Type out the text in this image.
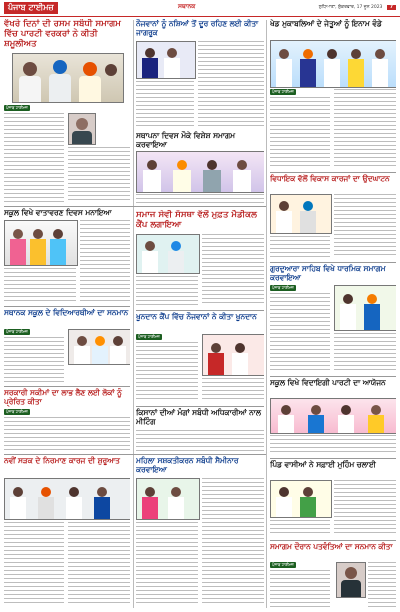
ਪੰਜਾਬ ਟਾਈਮਜ਼	ਸਥਾਨਕ	ਲੁਧਿਆਣਾ, ਸ਼ੁੱਕਰਵਾਰ, 17 ਜੂਨ 2023 7
ਵੱਖਰੇ ਦਿਨਾਂ ਦੀ ਰਸਮ ਸਬੰਧੀ ਸਮਾਗਮ ਵਿੱਚ ਪਾਰਟੀ ਵਰਕਰਾਂ ਨੇ ਕੀਤੀ ਸ਼ਮੂਲੀਅਤ
ਪੰਜਾਬ ਟਾਈਮਜ਼
ਸਕੂਲ ਵਿਖੇ ਵਾਤਾਵਰਣ ਦਿਵਸ ਮਨਾਇਆ
ਸਥਾਨਕ ਸਕੂਲ ਦੇ ਵਿਦਿਆਰਥੀਆਂ ਦਾ ਸਨਮਾਨ
ਪੰਜਾਬ ਟਾਈਮਜ਼
ਸਰਕਾਰੀ ਸਕੀਮਾਂ ਦਾ ਲਾਭ ਲੈਣ ਲਈ ਲੋਕਾਂ ਨੂੰ ਪ੍ਰੇਰਿਤ ਕੀਤਾ
ਪੰਜਾਬ ਟਾਈਮਜ਼
ਨੌਜਵਾਨਾਂ ਨੂੰ ਨਸ਼ਿਆਂ ਤੋਂ ਦੂਰ ਰਹਿਣ ਲਈ ਕੀਤਾ ਜਾਗਰੂਕ
ਸਥਾਪਨਾ ਦਿਵਸ ਮੌਕੇ ਵਿਸ਼ੇਸ਼ ਸਮਾਗਮ ਕਰਵਾਇਆ
ਸਮਾਜ ਸੇਵੀ ਸੰਸਥਾ ਵੱਲੋਂ ਮੁਫ਼ਤ ਮੈਡੀਕਲ ਕੈਂਪ ਲਗਾਇਆ
ਖੂਨਦਾਨ ਕੈਂਪ ਵਿੱਚ ਨੌਜਵਾਨਾਂ ਨੇ ਕੀਤਾ ਖੂਨਦਾਨ
ਪੰਜਾਬ ਟਾਈਮਜ਼
ਕਿਸਾਨਾਂ ਦੀਆਂ ਮੰਗਾਂ ਸਬੰਧੀ ਅਧਿਕਾਰੀਆਂ ਨਾਲ ਮੀਟਿੰਗ
ਖੇਡ ਮੁਕਾਬਲਿਆਂ ਦੇ ਜੇਤੂਆਂ ਨੂੰ ਇਨਾਮ ਵੰਡੇ
ਪੰਜਾਬ ਟਾਈਮਜ਼
ਵਿਧਾਇਕ ਵੱਲੋਂ ਵਿਕਾਸ ਕਾਰਜਾਂ ਦਾ ਉਦਘਾਟਨ
ਗੁਰਦੁਆਰਾ ਸਾਹਿਬ ਵਿਖੇ ਧਾਰਮਿਕ ਸਮਾਗਮ ਕਰਵਾਇਆ
ਪੰਜਾਬ ਟਾਈਮਜ਼
ਸਕੂਲ ਵਿਖੇ ਵਿਦਾਇਗੀ ਪਾਰਟੀ ਦਾ ਆਯੋਜਨ
ਨਵੀਂ ਸੜਕ ਦੇ ਨਿਰਮਾਣ ਕਾਰਜ ਦੀ ਸ਼ੁਰੂਆਤ	ਮਹਿਲਾ ਸਸ਼ਕਤੀਕਰਨ ਸਬੰਧੀ ਸੈਮੀਨਾਰ ਕਰਵਾਇਆ
ਪਿੰਡ ਵਾਸੀਆਂ ਨੇ ਸਫ਼ਾਈ ਮੁਹਿੰਮ ਚਲਾਈ
ਸਮਾਗਮ ਦੌਰਾਨ ਪਤਵੰਤਿਆਂ ਦਾ ਸਨਮਾਨ ਕੀਤਾ
ਪੰਜਾਬ ਟਾਈਮਜ਼
